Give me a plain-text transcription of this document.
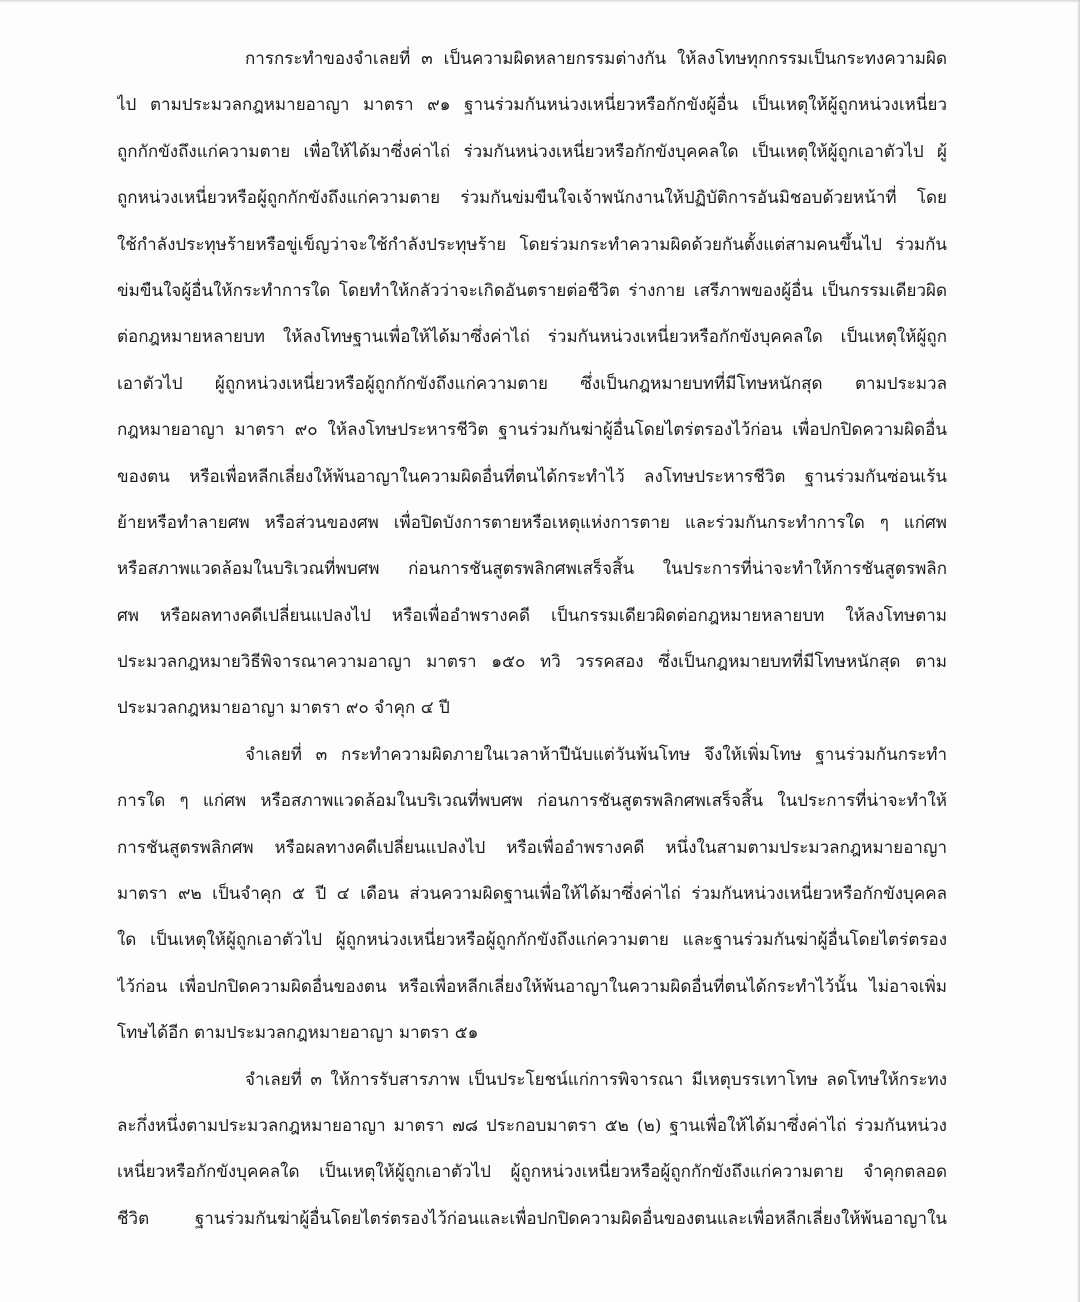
การกระทำของจำเลยที่ ๓ เป็นความผิดหลายกรรมต่างกัน ให้ลงโทษทุกกรรมเป็นกระทงความผิด
ไป ตามประมวลกฎหมายอาญา มาตรา ๙๑ ฐานร่วมกันหน่วงเหนี่ยวหรือกักขังผู้อื่น เป็นเหตุให้ผู้ถูกหน่วงเหนี่ยว
ถูกกักขังถึงแก่ความตาย เพื่อให้ได้มาซึ่งค่าไถ่ ร่วมกันหน่วงเหนี่ยวหรือกักขังบุคคลใด เป็นเหตุให้ผู้ถูกเอาตัวไป ผู้
ถูกหน่วงเหนี่ยวหรือผู้ถูกกักขังถึงแก่ความตาย ร่วมกันข่มขืนใจเจ้าพนักงานให้ปฏิบัติการอันมิชอบด้วยหน้าที่ โดย
ใช้กำลังประทุษร้ายหรือขู่เข็ญว่าจะใช้กำลังประทุษร้าย โดยร่วมกระทำความผิดด้วยกันตั้งแต่สามคนขึ้นไป ร่วมกัน
ข่มขืนใจผู้อื่นให้กระทำการใด โดยทำให้กลัวว่าจะเกิดอันตรายต่อชีวิต ร่างกาย เสรีภาพของผู้อื่น เป็นกรรมเดียวผิด
ต่อกฎหมายหลายบท ให้ลงโทษฐานเพื่อให้ได้มาซึ่งค่าไถ่ ร่วมกันหน่วงเหนี่ยวหรือกักขังบุคคลใด เป็นเหตุให้ผู้ถูก
เอาตัวไป ผู้ถูกหน่วงเหนี่ยวหรือผู้ถูกกักขังถึงแก่ความตาย ซึ่งเป็นกฎหมายบทที่มีโทษหนักสุด ตามประมวล
กฎหมายอาญา มาตรา ๙๐ ให้ลงโทษประหารชีวิต ฐานร่วมกันฆ่าผู้อื่นโดยไตร่ตรองไว้ก่อน เพื่อปกปิดความผิดอื่น
ของตน หรือเพื่อหลีกเลี่ยงให้พ้นอาญาในความผิดอื่นที่ตนได้กระทำไว้ ลงโทษประหารชีวิต ฐานร่วมกันซ่อนเร้น
ย้ายหรือทำลายศพ หรือส่วนของศพ เพื่อปิดบังการตายหรือเหตุแห่งการตาย และร่วมกันกระทำการใด ๆ แก่ศพ
หรือสภาพแวดล้อมในบริเวณที่พบศพ ก่อนการชันสูตรพลิกศพเสร็จสิ้น ในประการที่น่าจะทำให้การชันสูตรพลิก
ศพ หรือผลทางคดีเปลี่ยนแปลงไป หรือเพื่ออำพรางคดี เป็นกรรมเดียวผิดต่อกฎหมายหลายบท ให้ลงโทษตาม
ประมวลกฎหมายวิธีพิจารณาความอาญา มาตรา ๑๕๐ ทวิ วรรคสอง ซึ่งเป็นกฎหมายบทที่มีโทษหนักสุด ตาม
ประมวลกฎหมายอาญา มาตรา ๙๐ จำคุก ๔ ปี
จำเลยที่ ๓ กระทำความผิดภายในเวลาห้าปีนับแต่วันพ้นโทษ จึงให้เพิ่มโทษ ฐานร่วมกันกระทำ
การใด ๆ แก่ศพ หรือสภาพแวดล้อมในบริเวณที่พบศพ ก่อนการชันสูตรพลิกศพเสร็จสิ้น ในประการที่น่าจะทำให้
การชันสูตรพลิกศพ หรือผลทางคดีเปลี่ยนแปลงไป หรือเพื่ออำพรางคดี หนึ่งในสามตามประมวลกฎหมายอาญา
มาตรา ๙๒ เป็นจำคุก ๕ ปี ๔ เดือน ส่วนความผิดฐานเพื่อให้ได้มาซึ่งค่าไถ่ ร่วมกันหน่วงเหนี่ยวหรือกักขังบุคคล
ใด เป็นเหตุให้ผู้ถูกเอาตัวไป ผู้ถูกหน่วงเหนี่ยวหรือผู้ถูกกักขังถึงแก่ความตาย และฐานร่วมกันฆ่าผู้อื่นโดยไตร่ตรอง
ไว้ก่อน เพื่อปกปิดความผิดอื่นของตน หรือเพื่อหลีกเลี่ยงให้พ้นอาญาในความผิดอื่นที่ตนได้กระทำไว้นั้น ไม่อาจเพิ่ม
โทษได้อีก ตามประมวลกฎหมายอาญา มาตรา ๕๑
จำเลยที่ ๓ ให้การรับสารภาพ เป็นประโยชน์แก่การพิจารณา มีเหตุบรรเทาโทษ ลดโทษให้กระทง
ละกึ่งหนึ่งตามประมวลกฎหมายอาญา มาตรา ๗๘ ประกอบมาตรา ๕๒ (๒) ฐานเพื่อให้ได้มาซึ่งค่าไถ่ ร่วมกันหน่วง
เหนี่ยวหรือกักขังบุคคลใด เป็นเหตุให้ผู้ถูกเอาตัวไป ผู้ถูกหน่วงเหนี่ยวหรือผู้ถูกกักขังถึงแก่ความตาย จำคุกตลอด
ชีวิต ฐานร่วมกันฆ่าผู้อื่นโดยไตร่ตรองไว้ก่อนและเพื่อปกปิดความผิดอื่นของตนและเพื่อหลีกเลี่ยงให้พ้นอาญาใน
